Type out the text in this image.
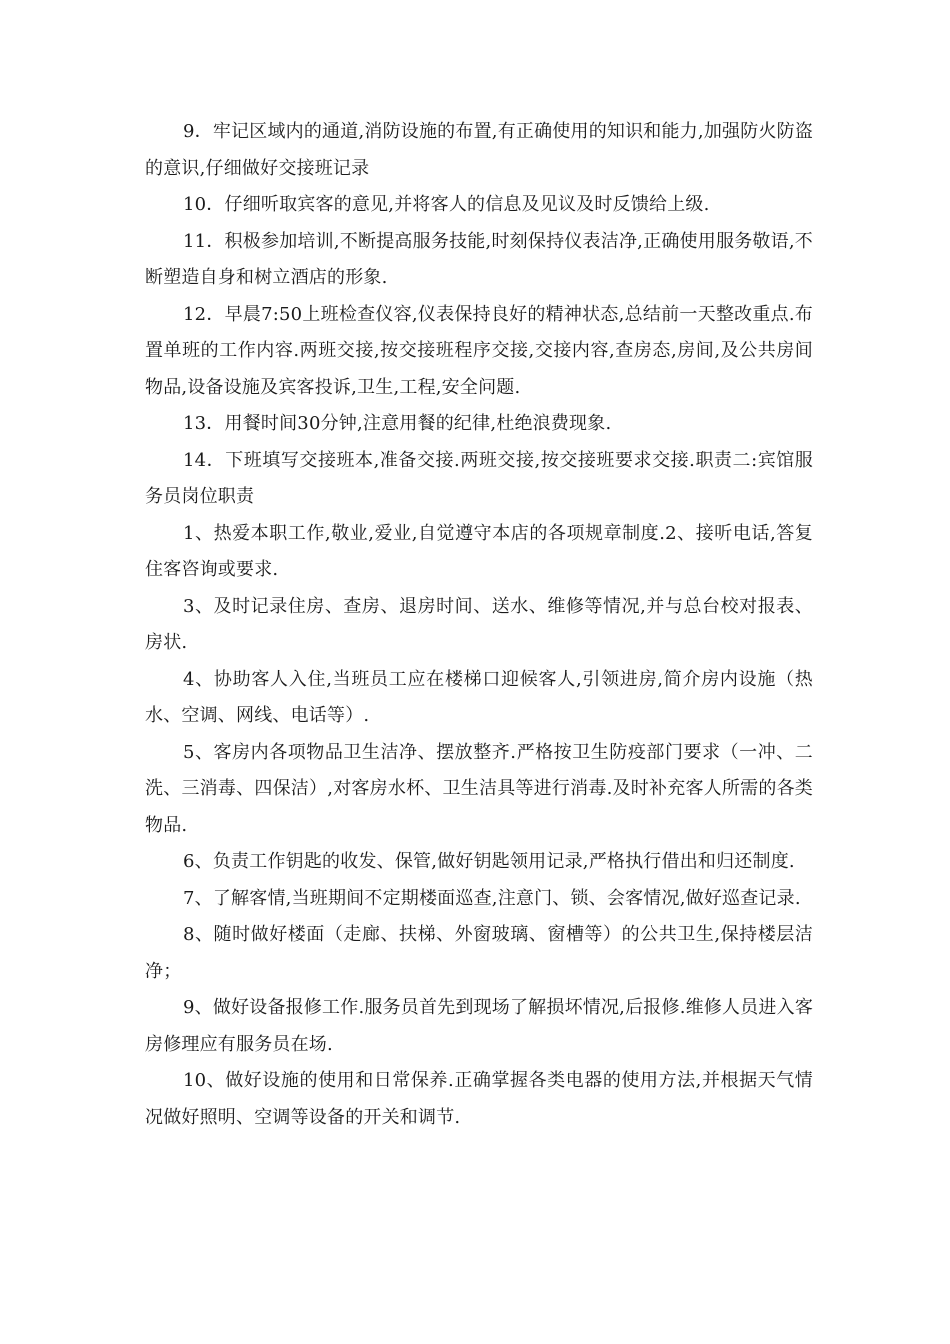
9．牢记区域内的通道,消防设施的布置,有正确使用的知识和能力,加强防火防盗的意识,仔细做好交接班记录

10．仔细听取宾客的意见,并将客人的信息及见议及时反馈给上级.

11．积极参加培训,不断提高服务技能,时刻保持仪表洁净,正确使用服务敬语,不断塑造自身和树立酒店的形象.

12．早晨7:50上班检查仪容,仪表保持良好的精神状态,总结前一天整改重点.布置单班的工作内容.两班交接,按交接班程序交接,交接内容,查房态,房间,及公共房间物品,设备设施及宾客投诉,卫生,工程,安全问题.

13．用餐时间30分钟,注意用餐的纪律,杜绝浪费现象.

14．下班填写交接班本,准备交接.两班交接,按交接班要求交接.职责二:宾馆服务员岗位职责

1、热爱本职工作,敬业,爱业,自觉遵守本店的各项规章制度.2、接听电话,答复住客咨询或要求.

3、及时记录住房、查房、退房时间、送水、维修等情况,并与总台校对报表、房状.

4、协助客人入住,当班员工应在楼梯口迎候客人,引领进房,简介房内设施（热水、空调、网线、电话等）.

5、客房内各项物品卫生洁净、摆放整齐.严格按卫生防疫部门要求（一冲、二洗、三消毒、四保洁）,对客房水杯、卫生洁具等进行消毒.及时补充客人所需的各类物品.

6、负责工作钥匙的收发、保管,做好钥匙领用记录,严格执行借出和归还制度.

7、了解客情,当班期间不定期楼面巡查,注意门、锁、会客情况,做好巡查记录.

8、随时做好楼面（走廊、扶梯、外窗玻璃、窗槽等）的公共卫生,保持楼层洁净；

9、做好设备报修工作.服务员首先到现场了解损坏情况,后报修.维修人员进入客房修理应有服务员在场.

10、做好设施的使用和日常保养.正确掌握各类电器的使用方法,并根据天气情况做好照明、空调等设备的开关和调节.
